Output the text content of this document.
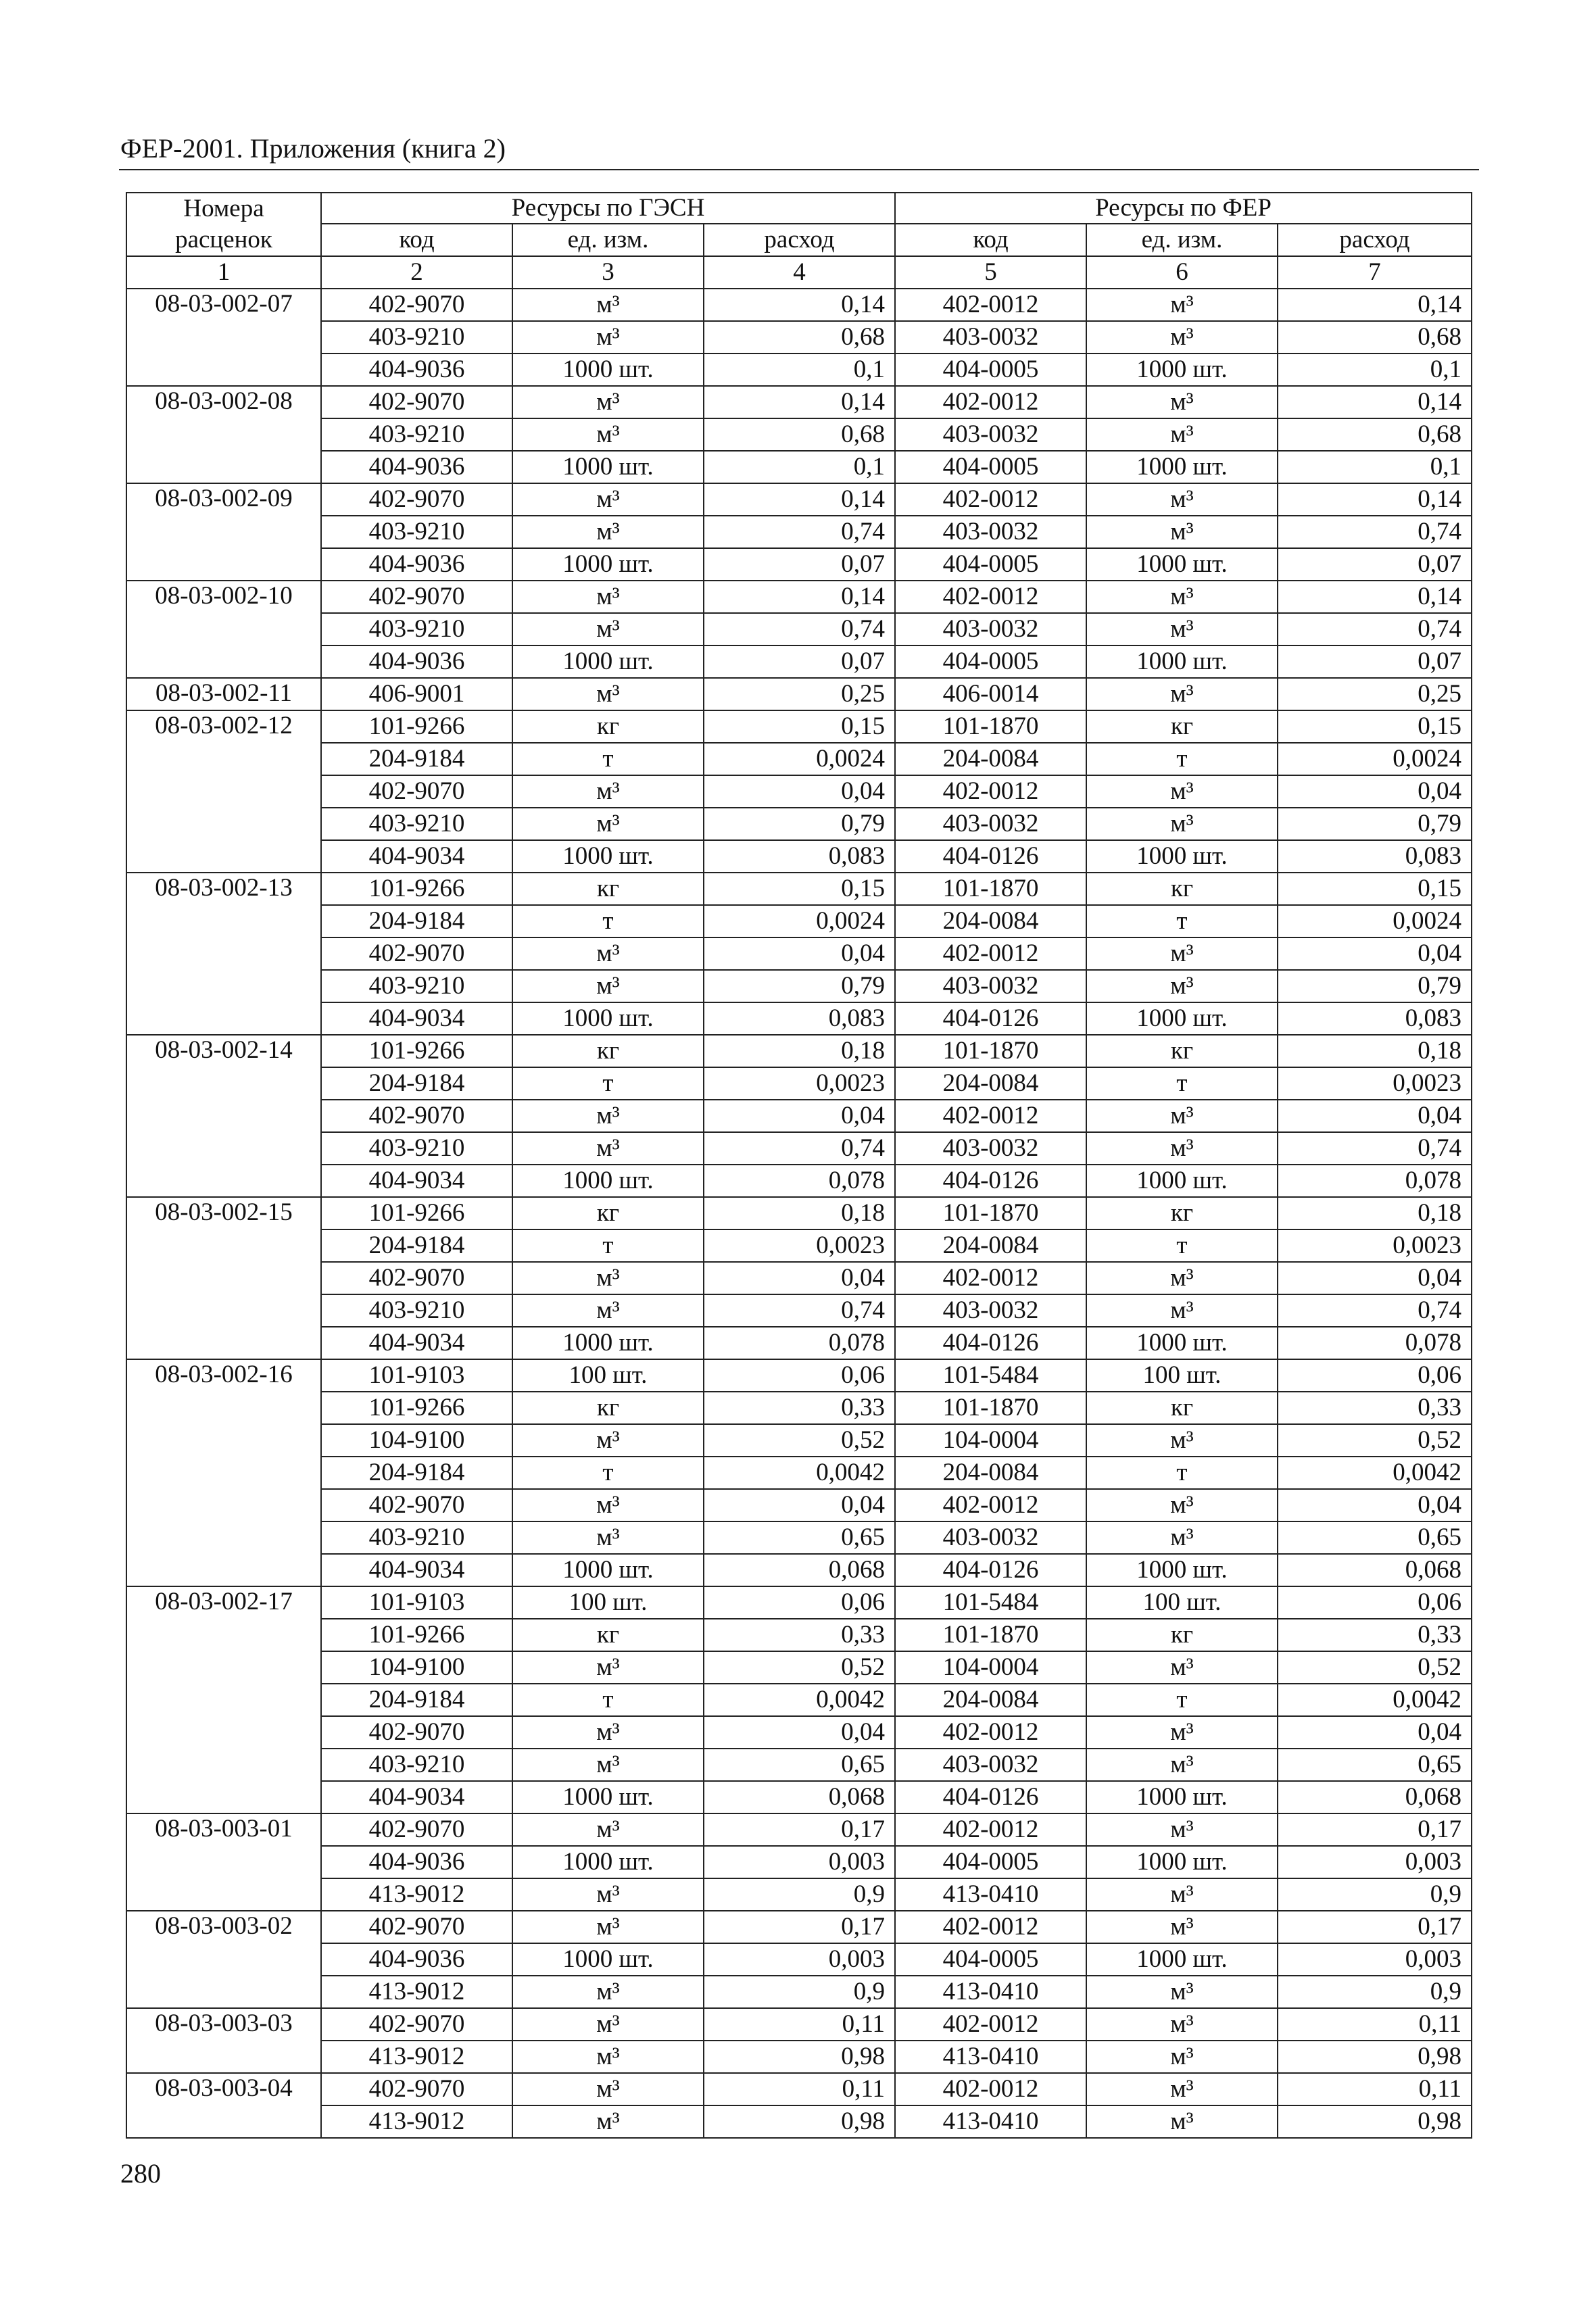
ФЕР-2001. Приложения (книга 2)
Номера	Ресурсы по ГЭСН			Ресурсы по ФЕР		
расценок	код	ед. изм.	расход	код	ед. изм.	расход
1	2	3	4	5	6	7
08-03-002-07	402-9070	м³	0,14	402-0012	м³	0,14
	403-9210	м³	0,68	403-0032	м³	0,68
	404-9036	1000 шт.	0,1	404-0005	1000 шт.	0,1
08-03-002-08	402-9070	м³	0,14	402-0012	м³	0,14
	403-9210	м³	0,68	403-0032	м³	0,68
	404-9036	1000 шт.	0,1	404-0005	1000 шт.	0,1
08-03-002-09	402-9070	м³	0,14	402-0012	м³	0,14
	403-9210	м³	0,74	403-0032	м³	0,74
	404-9036	1000 шт.	0,07	404-0005	1000 шт.	0,07
08-03-002-10	402-9070	м³	0,14	402-0012	м³	0,14
	403-9210	м³	0,74	403-0032	м³	0,74
	404-9036	1000 шт.	0,07	404-0005	1000 шт.	0,07
08-03-002-11	406-9001	м³	0,25	406-0014	м³	0,25
08-03-002-12	101-9266	кг	0,15	101-1870	кг	0,15
	204-9184	т	0,0024	204-0084	т	0,0024
	402-9070	м³	0,04	402-0012	м³	0,04
	403-9210	м³	0,79	403-0032	м³	0,79
	404-9034	1000 шт.	0,083	404-0126	1000 шт.	0,083
08-03-002-13	101-9266	кг	0,15	101-1870	кг	0,15
	204-9184	т	0,0024	204-0084	т	0,0024
	402-9070	м³	0,04	402-0012	м³	0,04
	403-9210	м³	0,79	403-0032	м³	0,79
	404-9034	1000 шт.	0,083	404-0126	1000 шт.	0,083
08-03-002-14	101-9266	кг	0,18	101-1870	кг	0,18
	204-9184	т	0,0023	204-0084	т	0,0023
	402-9070	м³	0,04	402-0012	м³	0,04
	403-9210	м³	0,74	403-0032	м³	0,74
	404-9034	1000 шт.	0,078	404-0126	1000 шт.	0,078
08-03-002-15	101-9266	кг	0,18	101-1870	кг	0,18
	204-9184	т	0,0023	204-0084	т	0,0023
	402-9070	м³	0,04	402-0012	м³	0,04
	403-9210	м³	0,74	403-0032	м³	0,74
	404-9034	1000 шт.	0,078	404-0126	1000 шт.	0,078
08-03-002-16	101-9103	100 шт.	0,06	101-5484	100 шт.	0,06
	101-9266	кг	0,33	101-1870	кг	0,33
	104-9100	м³	0,52	104-0004	м³	0,52
	204-9184	т	0,0042	204-0084	т	0,0042
	402-9070	м³	0,04	402-0012	м³	0,04
	403-9210	м³	0,65	403-0032	м³	0,65
	404-9034	1000 шт.	0,068	404-0126	1000 шт.	0,068
08-03-002-17	101-9103	100 шт.	0,06	101-5484	100 шт.	0,06
	101-9266	кг	0,33	101-1870	кг	0,33
	104-9100	м³	0,52	104-0004	м³	0,52
	204-9184	т	0,0042	204-0084	т	0,0042
	402-9070	м³	0,04	402-0012	м³	0,04
	403-9210	м³	0,65	403-0032	м³	0,65
	404-9034	1000 шт.	0,068	404-0126	1000 шт.	0,068
08-03-003-01	402-9070	м³	0,17	402-0012	м³	0,17
	404-9036	1000 шт.	0,003	404-0005	1000 шт.	0,003
	413-9012	м³	0,9	413-0410	м³	0,9
08-03-003-02	402-9070	м³	0,17	402-0012	м³	0,17
	404-9036	1000 шт.	0,003	404-0005	1000 шт.	0,003
	413-9012	м³	0,9	413-0410	м³	0,9
08-03-003-03	402-9070	м³	0,11	402-0012	м³	0,11
	413-9012	м³	0,98	413-0410	м³	0,98
08-03-003-04	402-9070	м³	0,11	402-0012	м³	0,11
	413-9012	м³	0,98	413-0410	м³	0,98
280
